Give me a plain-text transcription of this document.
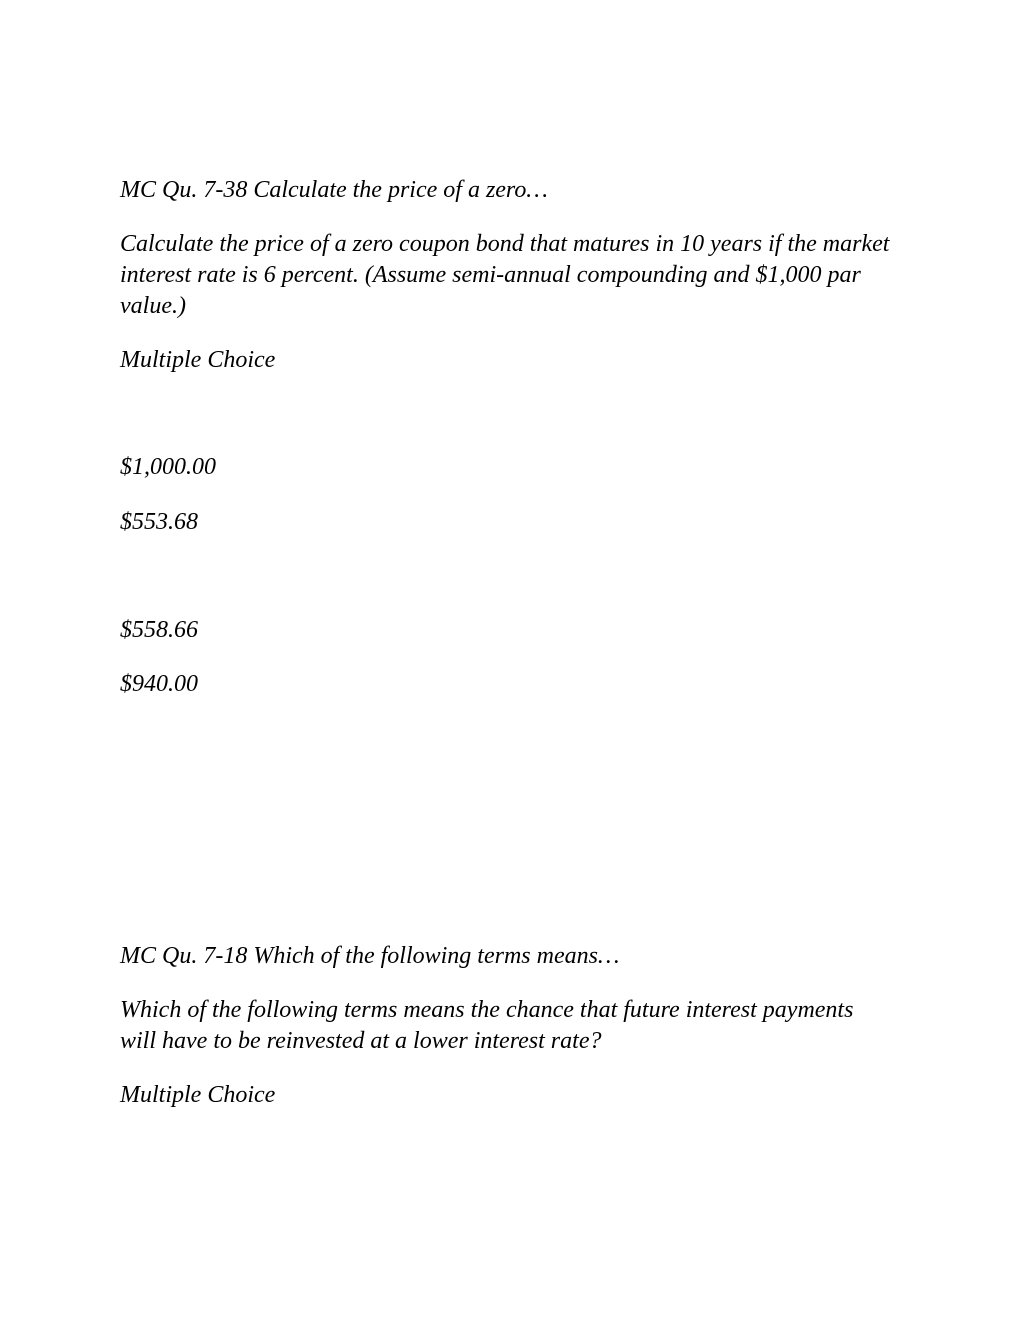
MC Qu. 7-38 Calculate the price of a zero…

Calculate the price of a zero coupon bond that matures in 10 years if the market interest rate is 6 percent. (Assume semi-annual compounding and $1,000 par value.)

Multiple Choice

$1,000.00

$553.68

$558.66

$940.00

MC Qu. 7-18 Which of the following terms means…

Which of the following terms means the chance that future interest payments will have to be reinvested at a lower interest rate?

Multiple Choice
